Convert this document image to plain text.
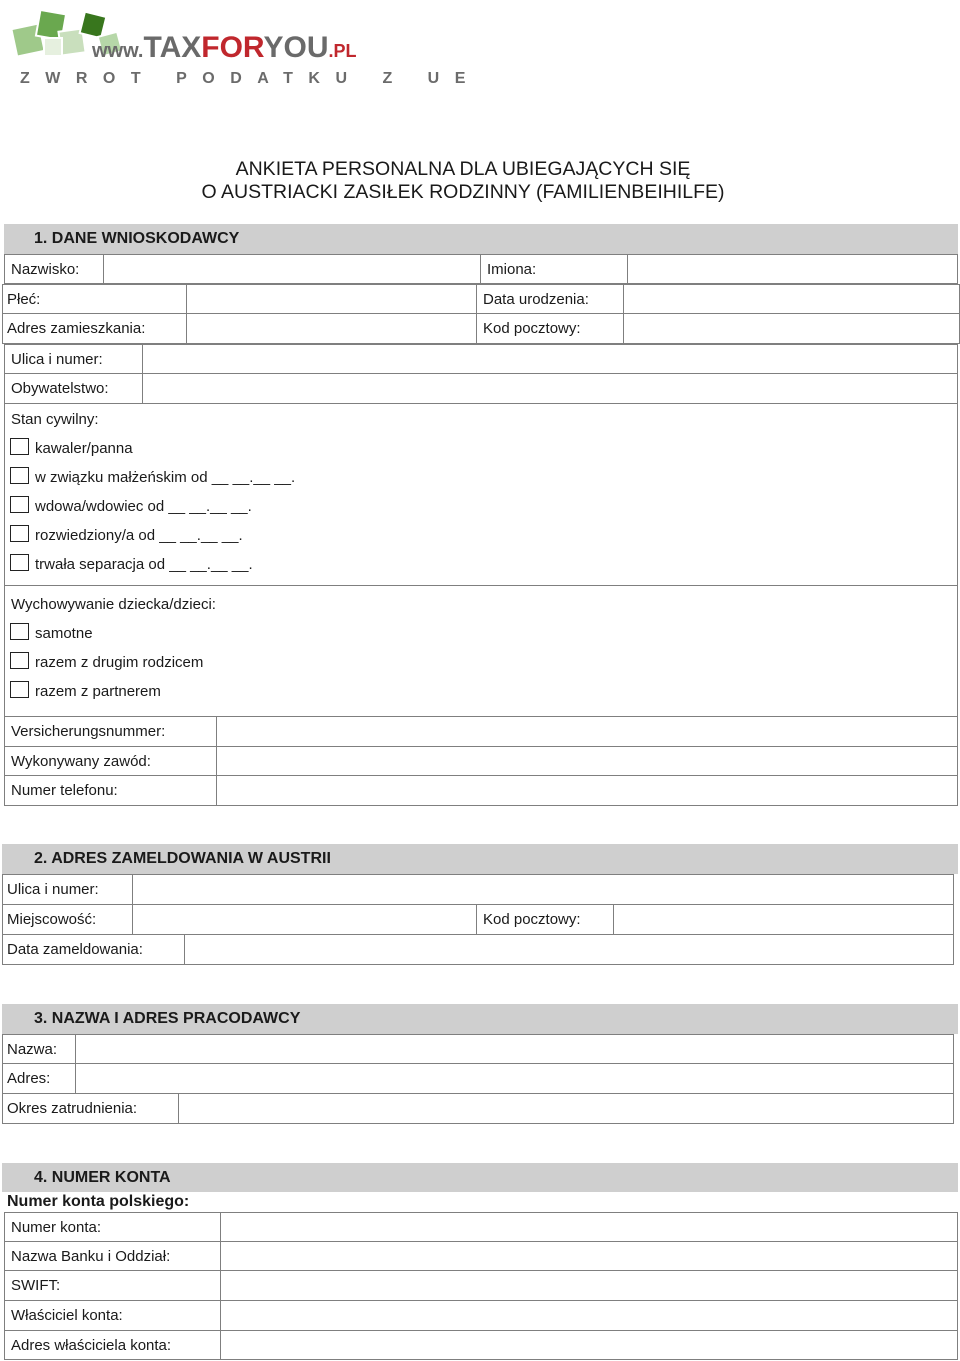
www.TAXFORYOU.PL
ZWROT PODATKU Z UE
ANKIETA PERSONALNA DLA UBIEGAJĄCYCH SIĘ
O AUSTRIACKI ZASIŁEK RODZINNY (FAMILIENBEIHILFE)
1. DANE WNIOSKODAWCY
Nazwisko:	Imiona:
Płeć:	Data urodzenia:
Adres zamieszkania:	Kod pocztowy:
Ulica i numer:
Obywatelstwo:
Stan cywilny:
kawaler/panna
w związku małżeńskim od __ __.__ __.
wdowa/wdowiec od __ __.__ __.
rozwiedziony/a od __ __.__ __.
trwała separacja od __ __.__ __.
Wychowywanie dziecka/dzieci:
samotne
razem z drugim rodzicem
razem z partnerem
Versicherungsnummer:
Wykonywany zawód:
Numer telefonu:
2. ADRES ZAMELDOWANIA W AUSTRII
Ulica i numer:
Miejscowość:	Kod pocztowy:
Data zameldowania:
3. NAZWA I ADRES PRACODAWCY
Nazwa:
Adres:
Okres zatrudnienia:
4. NUMER KONTA
Numer konta polskiego:
Numer konta:
Nazwa Banku i Oddział:
SWIFT:
Właściciel konta:
Adres właściciela konta:
